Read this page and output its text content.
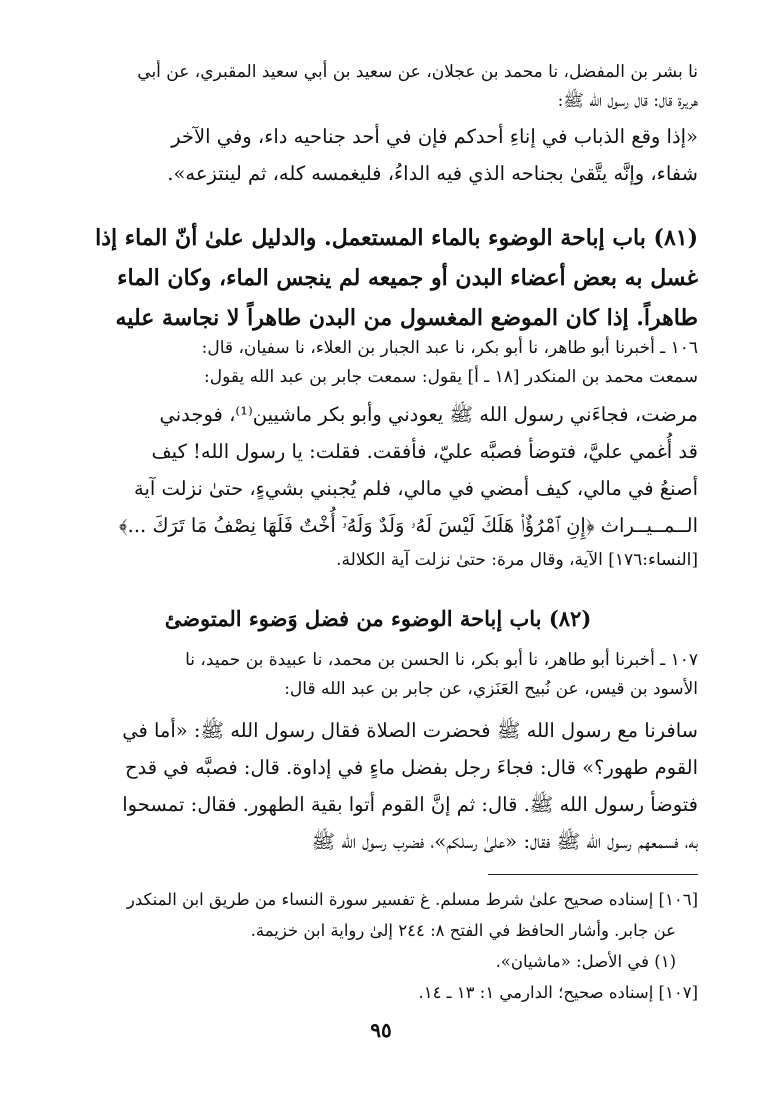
نا بشر بن المفضل، نا محمد بن عجلان، عن سعيد بن أبي سعيد المقبري، عن أبي

هريرة قال: قال رسول الله ﷺ:

«إذا وقع الذباب في إناءِ أحدكم فإن في أحد جناحيه داء، وفي الآخر

شفاء، وإنَّه يتَّقىٰ بجناحه الذي فيه الداءُ، فليغمسه كله، ثم لينتزعه».

(٨١) باب إباحة الوضوء بالماء المستعمل. والدليل علىٰ أنّ الماء إذا

غسل به بعض أعضاء البدن أو جميعه لم ينجس الماء، وكان الماء

طاهراً. إذا كان الموضع المغسول من البدن طاهراً لا نجاسة عليه

١٠٦ ـ أخبرنا أبو طاهر، نا أبو بكر، نا عبد الجبار بن العلاء، نا سفيان، قال:

سمعت محمد بن المنكدر [١٨ ـ أ] يقول: سمعت جابر بن عبد الله يقول:

مرضت، فجاءَني رسول الله ﷺ يعودني وأبو بكر ماشيين⁽¹⁾، فوجدني

قد أُغمي عليَّ، فتوضأ فصبَّه عليّ، فأفقت. فقلت: يا رسول الله! كيف

أصنعُ في مالي، كيف أمضي في مالي، فلم يُجبني بشيءٍ، حتىٰ نزلت آية

الــمــيــراث ﴿إِنِ ٱمْرُؤٌا۟ هَلَكَ لَيْسَ لَهُۥ وَلَدٌ وَلَهُۥٓ أُخْتٌ فَلَهَا نِصْفُ مَا تَرَكَ ...﴾

[النساء:١٧٦] الآية، وقال مرة: حتىٰ نزلت آية الكلالة.

(٨٢) باب إباحة الوضوء من فضل وَضوء المتوضئ

١٠٧ ـ أخبرنا أبو طاهر، نا أبو بكر، نا الحسن بن محمد، نا عبيدة بن حميد، نا

الأسود بن قيس، عن نُبيح العَنَزي، عن جابر بن عبد الله قال:

سافرنا مع رسول الله ﷺ فحضرت الصلاة فقال رسول الله ﷺ: «أما في

القوم طهور؟» قال: فجاءَ رجل بفضل ماءٍ في إداوة. قال: فصبَّه في قدح

فتوضأ رسول الله ﷺ. قال: ثم إنَّ القوم أتوا بقية الطهور. فقال: تمسحوا

به، فسمعهم رسول الله ﷺ فقال: «علىٰ رسلكم»، فضرب رسول الله ﷺ

[١٠٦] إسناده صحيح علىٰ شرط مسلم. غ تفسير سورة النساء من طريق ابن المنكدر

عن جابر. وأشار الحافظ في الفتح ٨: ٢٤٤ إلىٰ رواية ابن خزيمة.

(١) في الأصل: «ماشيان».

[١٠٧] إسناده صحيح؛ الدارمي ١: ١٣ ـ ١٤.

٩٥
